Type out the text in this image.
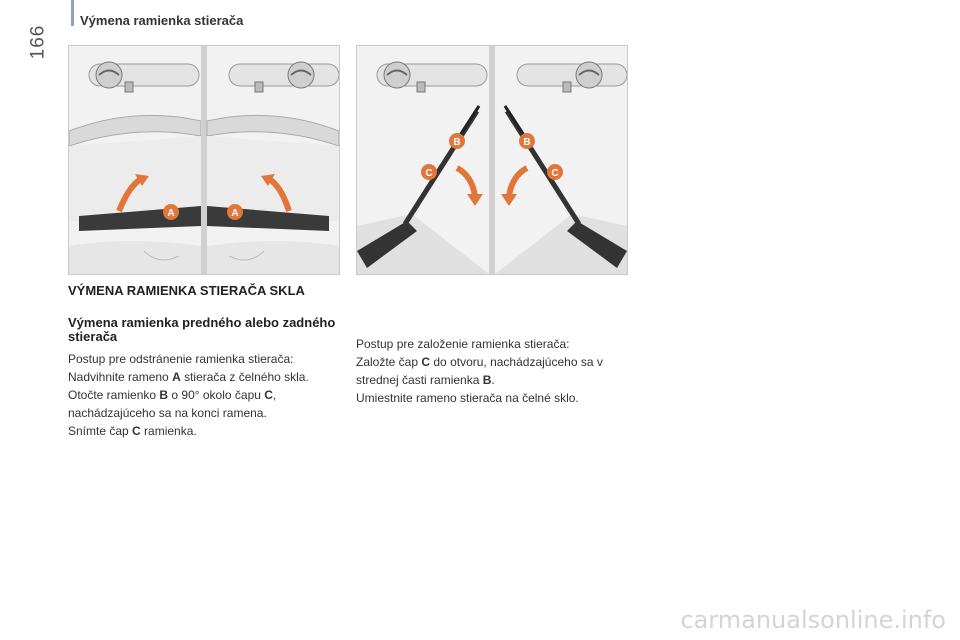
166
Výmena ramienka stierača
A	A
B
C
B
C
VÝMENA RAMIENKA STIERAČA SKLA
Výmena ramienka predného alebo zadného stierača

Postup pre odstránenie ramienka stierača:

Nadvihnite rameno A stierača z čelného skla.

Otočte ramienko B o 90° okolo čapu C, nachádzajúceho sa na konci ramena.

Snímte čap C ramienka.

Postup pre založenie ramienka stierača:

Založte čap C do otvoru, nachádzajúceho sa v strednej časti ramienka B.

Umiestnite rameno stierača na čelné sklo.

carmanualsonline.info
